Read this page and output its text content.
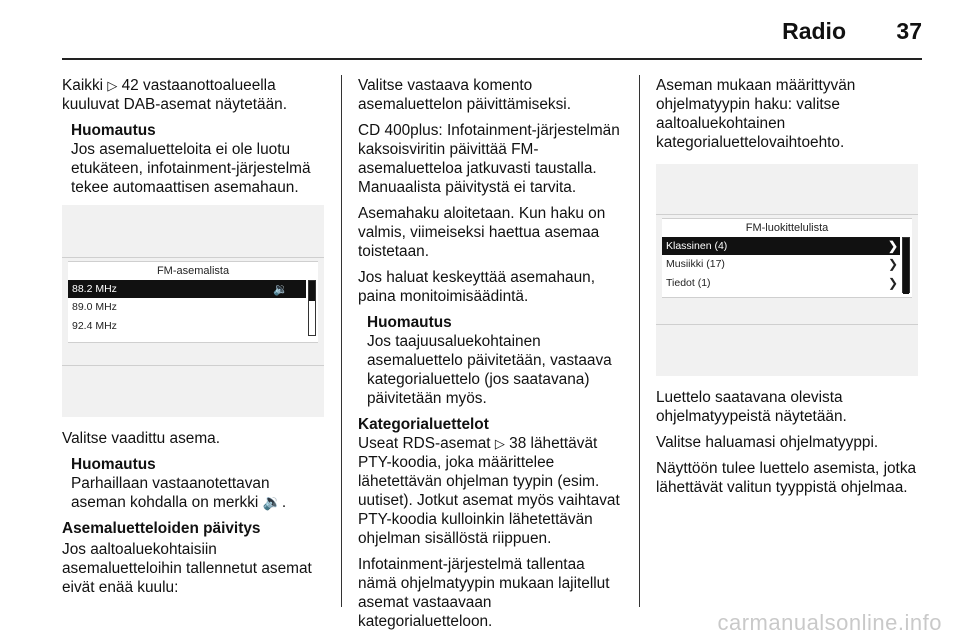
Radio	37

Kaikki ▷ 42 vastaanottoalueella kuuluvat DAB-asemat näytetään.

Huomautus
Jos asemaluetteloita ei ole luotu etukäteen, infotainment-järjestelmä tekee automaattisen asemahaun.
FM-asemalista
88.2 MHz	🔉
89.0 MHz
92.4 MHz

Valitse vaadittu asema.

Huomautus
Parhaillaan vastaanotettavan aseman kohdalla on merkki 🔉.

Asemaluetteloiden päivitys

Jos aaltoaluekohtaisiin asemaluetteloihin tallennetut asemat eivät enää kuulu:

Valitse vastaava komento asemaluettelon päivittämiseksi.

CD 400plus: Infotainment-järjestelmän kaksoisviritin päivittää FM-asemaluetteloa jatkuvasti taustalla. Manuaalista päivitystä ei tarvita.

Asemahaku aloitetaan. Kun haku on valmis, viimeiseksi haettua asemaa toistetaan.

Jos haluat keskeyttää asemahaun, paina monitoimisäädintä.

Huomautus
Jos taajuusaluekohtainen asemaluettelo päivitetään, vastaava kategorialuettelo (jos saatavana) päivitetään myös.

Kategorialuettelot

Useat RDS-asemat ▷ 38 lähettävät PTY-koodia, joka määrittelee lähetettävän ohjelman tyypin (esim. uutiset). Jotkut asemat myös vaihtavat PTY-koodia kulloinkin lähetettävän ohjelman sisällöstä riippuen.

Infotainment-järjestelmä tallentaa nämä ohjelmatyypin mukaan lajitellut asemat vastaavaan kategorialuetteloon.

Aseman mukaan määrittyvän ohjelmatyypin haku: valitse aaltoaluekohtainen kategorialuettelovaihtoehto.

FM-luokittelulista
Klassinen (4)	❯
Musiikki (17)	❯
Tiedot (1)	❯

Luettelo saatavana olevista ohjelmatyypeistä näytetään.

Valitse haluamasi ohjelmatyyppi.

Näyttöön tulee luettelo asemista, jotka lähettävät valitun tyyppistä ohjelmaa.

carmanualsonline.info
